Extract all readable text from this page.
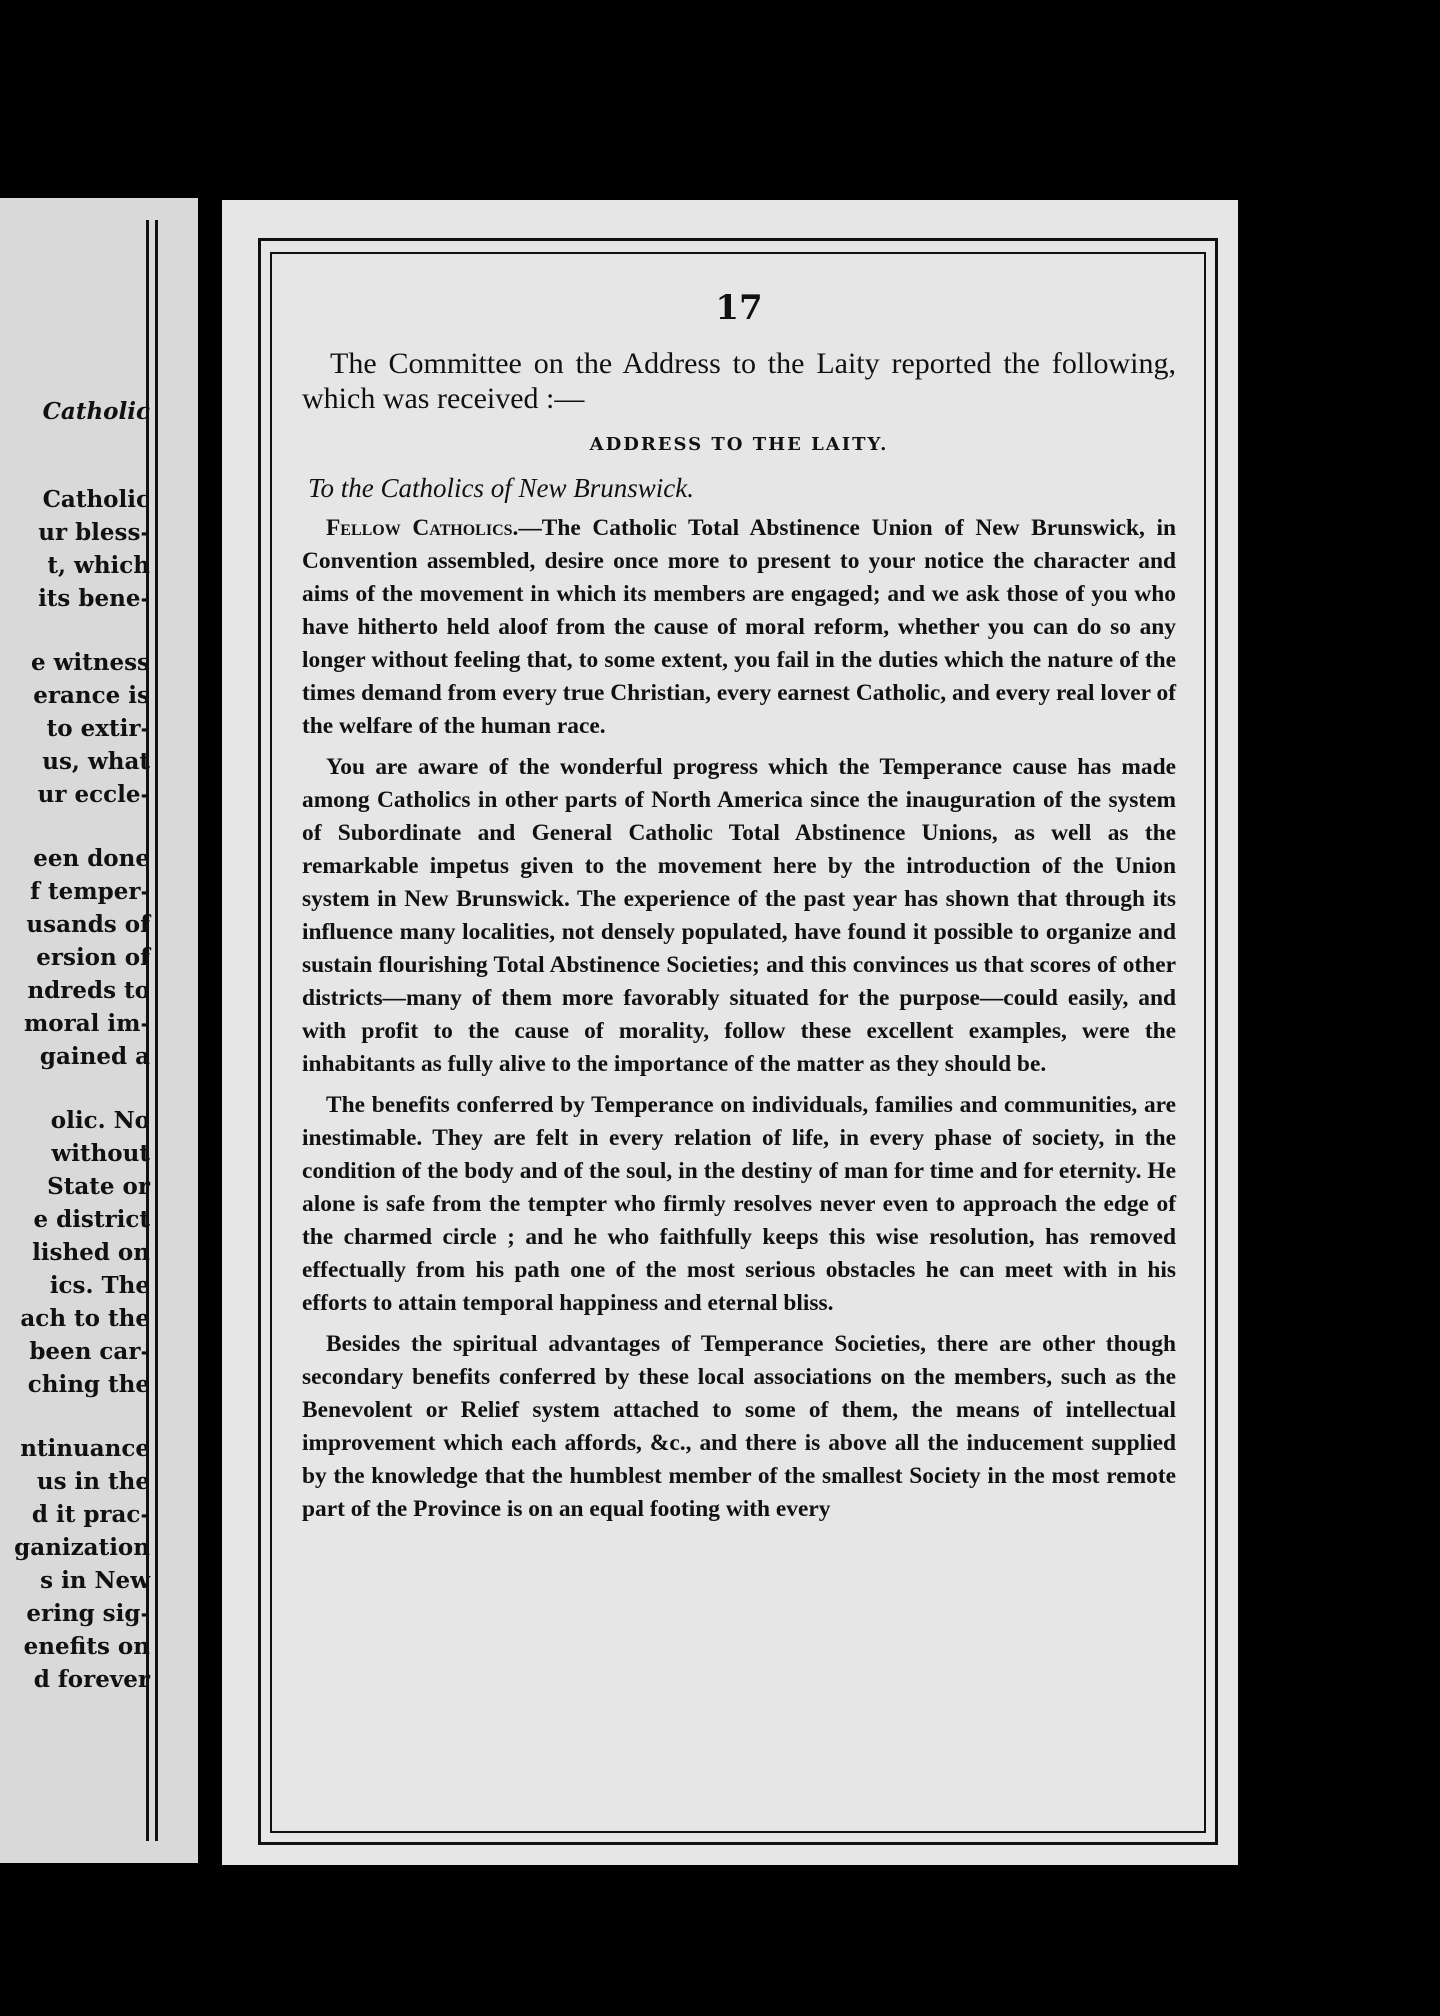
Catholic
Catholic
ur bless-
t, which
its bene-
e witness
erance is
to extir-
us, what
ur eccle-
een done
f temper-
usands of
ersion of
ndreds to
moral im-
gained a
olic. No
without
State or
e district
lished on
ics. The
ach to the
been car-
ching the
ntinuance
us in the
d it prac-
ganization
s in New
ering sig-
enefits on
d forever
17

The Committee on the Address to the Laity reported the following, which was received :—

ADDRESS TO THE LAITY.
To the Catholics of New Brunswick.

Fellow Catholics.—The Catholic Total Abstinence Union of New Brunswick, in Convention assembled, desire once more to present to your notice the character and aims of the movement in which its members are engaged; and we ask those of you who have hitherto held aloof from the cause of moral reform, whether you can do so any longer without feeling that, to some extent, you fail in the duties which the nature of the times demand from every true Christian, every earnest Catholic, and every real lover of the welfare of the human race.

You are aware of the wonderful progress which the Temperance cause has made among Catholics in other parts of North America since the inauguration of the system of Subordinate and General Catholic Total Abstinence Unions, as well as the remarkable impetus given to the movement here by the introduction of the Union system in New Brunswick. The experience of the past year has shown that through its influence many localities, not densely populated, have found it possible to organize and sustain flourishing Total Abstinence Societies; and this convinces us that scores of other districts—many of them more favorably situated for the purpose—could easily, and with profit to the cause of morality, follow these excellent examples, were the inhabitants as fully alive to the importance of the matter as they should be.

The benefits conferred by Temperance on individuals, families and communities, are inestimable. They are felt in every relation of life, in every phase of society, in the condition of the body and of the soul, in the destiny of man for time and for eternity. He alone is safe from the tempter who firmly resolves never even to approach the edge of the charmed circle ; and he who faithfully keeps this wise resolution, has removed effectually from his path one of the most serious obstacles he can meet with in his efforts to attain temporal happiness and eternal bliss.

Besides the spiritual advantages of Temperance Societies, there are other though secondary benefits conferred by these local associations on the members, such as the Benevolent or Relief system attached to some of them, the means of intellectual improvement which each affords, &c., and there is above all the inducement supplied by the knowledge that the humblest member of the smallest Society in the most remote part of the Province is on an equal footing with every
